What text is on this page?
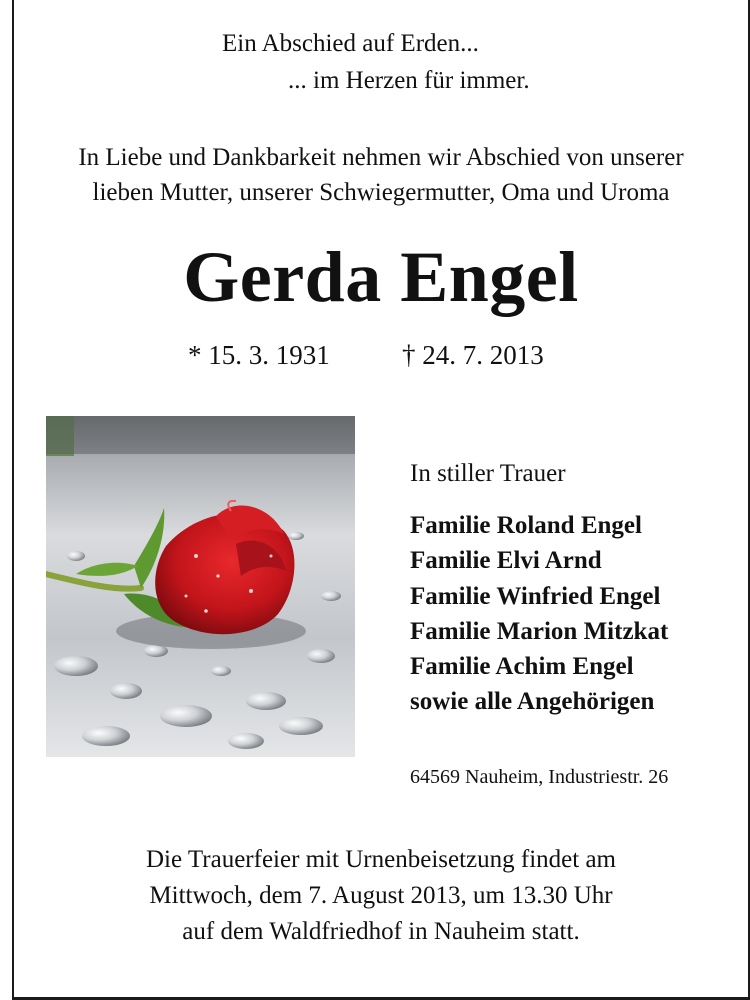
Ein Abschied auf Erden...

... im Herzen für immer.

In Liebe und Dankbarkeit nehmen wir Abschied von unserer

lieben Mutter, unserer Schwiegermutter, Oma und Uroma

Gerda Engel

* 15. 3. 1931	† 24. 7. 2013

In stiller Trauer

Familie Roland Engel

Familie Elvi Arnd

Familie Winfried Engel

Familie Marion Mitzkat

Familie Achim Engel

sowie alle Angehörigen

64569 Nauheim, Industriestr. 26

Die Trauerfeier mit Urnenbeisetzung findet am

Mittwoch, dem 7. August 2013, um 13.30 Uhr

auf dem Waldfriedhof in Nauheim statt.
